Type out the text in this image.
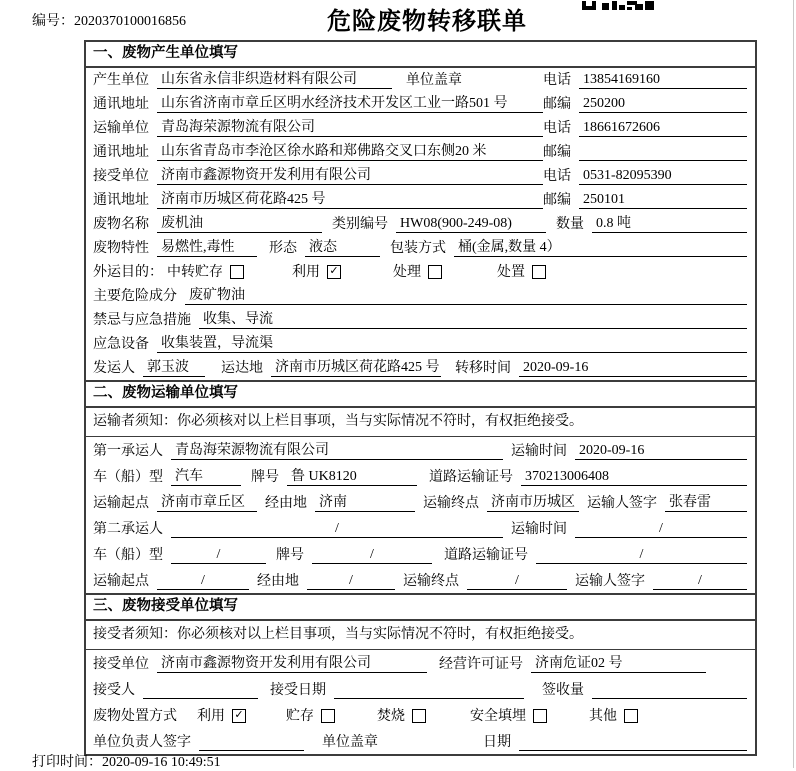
编号：2020370100016856	危险废物转移联单
一、废物产生单位填写
产生单位 山东省永信非织造材料有限公司	单位盖章	电话 13854169160
通讯地址 山东省济南市章丘区明水经济技术开发区工业一路501 号	邮编 250200
运输单位 青岛海荣源物流有限公司	电话 18661672606
通讯地址 山东省青岛市李沧区徐水路和郑佛路交叉口东侧20 米	邮编
接受单位 济南市鑫源物资开发利用有限公司	电话 0531-82095390
通讯地址 济南市历城区荷花路425 号	邮编 250101
废物名称 废机油	类别编号 HW08(900-249-08)	数量 0.8 吨
废物特性 易燃性,毒性	形态 液态	包装方式 桶(金属,数量 4）
外运目的： 中转贮存	利用 ✓	处理	处置
主要危险成分 废矿物油
禁忌与应急措施 收集、导流
应急设备 收集装置，导流渠
发运人 郭玉波	运达地 济南市历城区荷花路425 号 转移时间 2020-09-16
二、废物运输单位填写
运输者须知：你必须核对以上栏目事项，当与实际情况不符时，有权拒绝接受。
第一承运人 青岛海荣源物流有限公司	运输时间 2020-09-16
车（船）型 汽车	牌号 鲁 UK8120	道路运输证号 370213006408
运输起点 济南市章丘区	经由地 济南	运输终点 济南市历城区 运输人签字 张春雷
第二承运人	/	运输时间	/
车（船）型	/	牌号	/	道路运输证号	/
运输起点	/	经由地	/	运输终点	/	运输人签字	/
三、废物接受单位填写
接受者须知：你必须核对以上栏目事项，当与实际情况不符时，有权拒绝接受。
接受单位 济南市鑫源物资开发利用有限公司	经营许可证号 济南危证02 号
接受人	接受日期	签收量
废物处置方式 利用 ✓	贮存	焚烧	安全填埋	其他
单位负责人签字	单位盖章	日期
打印时间：2020-09-16 10:49:51
